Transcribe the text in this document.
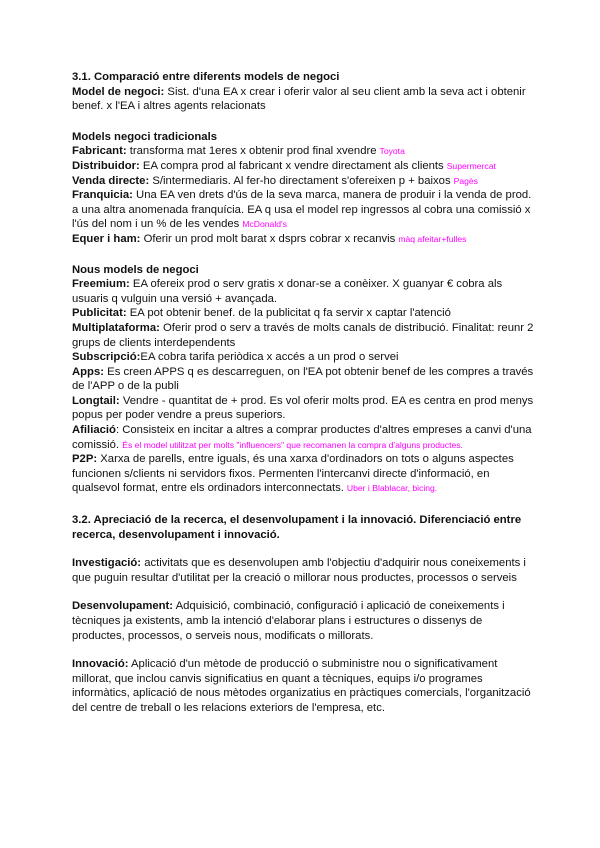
3.1. Comparació entre diferents models de negoci

Model de negoci: Sist. d'una EA x crear i oferir valor al seu client amb la seva act i obtenir benef. x l'EA i altres agents relacionats

Models negoci tradicionals

Fabricant: transforma mat 1eres x obtenir prod final xvendre Toyota

Distribuidor: EA compra prod al fabricant x vendre directament als clients Supermercat

Venda directe: S/intermediaris. Al fer-ho directament s'ofereixen p + baixos Pagès

Franquicia: Una EA ven drets d'ús de la seva marca, manera de produir i la venda de prod. a una altra anomenada franquícia. EA q usa el model rep ingressos al cobra una comissió x l'ús del nom i un % de les vendes McDonald's

Equer i ham: Oferir un prod molt barat x dsprs cobrar x recanvis màq afeitar+fulles

Nous models de negoci

Freemium: EA ofereix prod o serv gratis x donar-se a conèixer. X guanyar € cobra als usuaris q vulguin una versió + avançada.

Publicitat: EA pot obtenir benef. de la publicitat q fa servir x captar l'atenció

Multiplataforma: Oferir prod o serv a través de molts canals de distribució. Finalitat: reunr 2 grups de clients interdependents

Subscripció:EA cobra tarifa periòdica x accés a un prod o servei

Apps: Es creen APPS q es descarreguen, on l'EA pot obtenir benef de les compres a través de l'APP o de la publi

Longtail: Vendre - quantitat de + prod. Es vol oferir molts prod. EA es centra en prod menys popus per poder vendre a preus superiors.

Afiliació: Consisteix en incitar a altres a comprar productes d'altres empreses a canvi d'una comissió. És el model utilitzat per molts "influencers" que recomanen la compra d'alguns productes.

P2P: Xarxa de parells, entre iguals, és una xarxa d'ordinadors on tots o alguns aspectes funcionen s/clients ni servidors fixos. Permenten l'intercanvi directe d'informació, en qualsevol format, entre els ordinadors interconnectats. Uber i Blablacar, bicing.

3.2. Apreciació de la recerca, el desenvolupament i la innovació. Diferenciació entre recerca, desenvolupament i innovació.

Investigació: activitats que es desenvolupen amb l'objectiu d'adquirir nous coneixements i que puguin resultar d'utilitat per la creació o millorar nous productes, processos o serveis

Desenvolupament: Adquisició, combinació, configuració i aplicació de coneixements i tècniques ja existents, amb la intenció d'elaborar plans i estructures o dissenys de productes, processos, o serveis nous, modificats o millorats.

Innovació: Aplicació d'un mètode de producció o subministre nou o significativament millorat, que inclou canvis significatius en quant a tècniques, equips i/o programes informàtics, aplicació de nous mètodes organizatius en pràctiques comercials, l'organització del centre de treball o les relacions exteriors de l'empresa, etc.
